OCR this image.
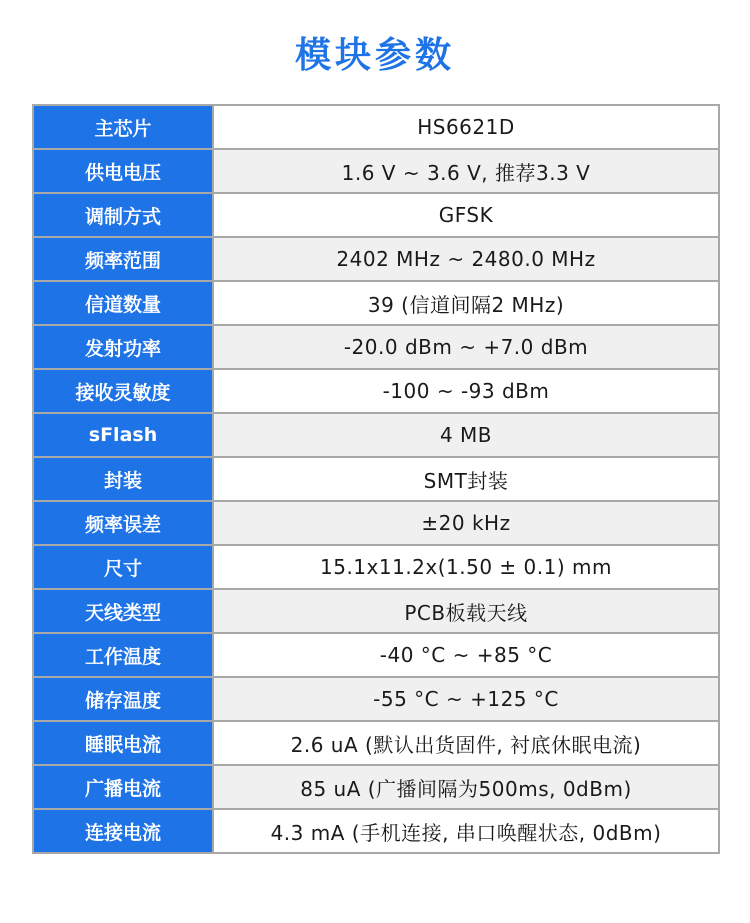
模块参数
主芯片	HS6621D
供电电压	1.6 V ~ 3.6 V, 推荐3.3 V
调制方式	GFSK
频率范围	2402 MHz ~ 2480.0 MHz
信道数量	39 (信道间隔2 MHz)
发射功率	-20.0 dBm ~ +7.0 dBm
接收灵敏度	-100 ~ -93 dBm
sFlash	4 MB
封装	SMT封装
频率误差	±20 kHz
尺寸	15.1x11.2x(1.50 ± 0.1) mm
天线类型	PCB板载天线
工作温度	-40 °C ~ +85 °C
储存温度	-55 °C ~ +125 °C
睡眠电流	2.6 uA (默认出货固件, 衬底休眠电流)
广播电流	85 uA (广播间隔为500ms, 0dBm)
连接电流	4.3 mA (手机连接, 串口唤醒状态, 0dBm)
